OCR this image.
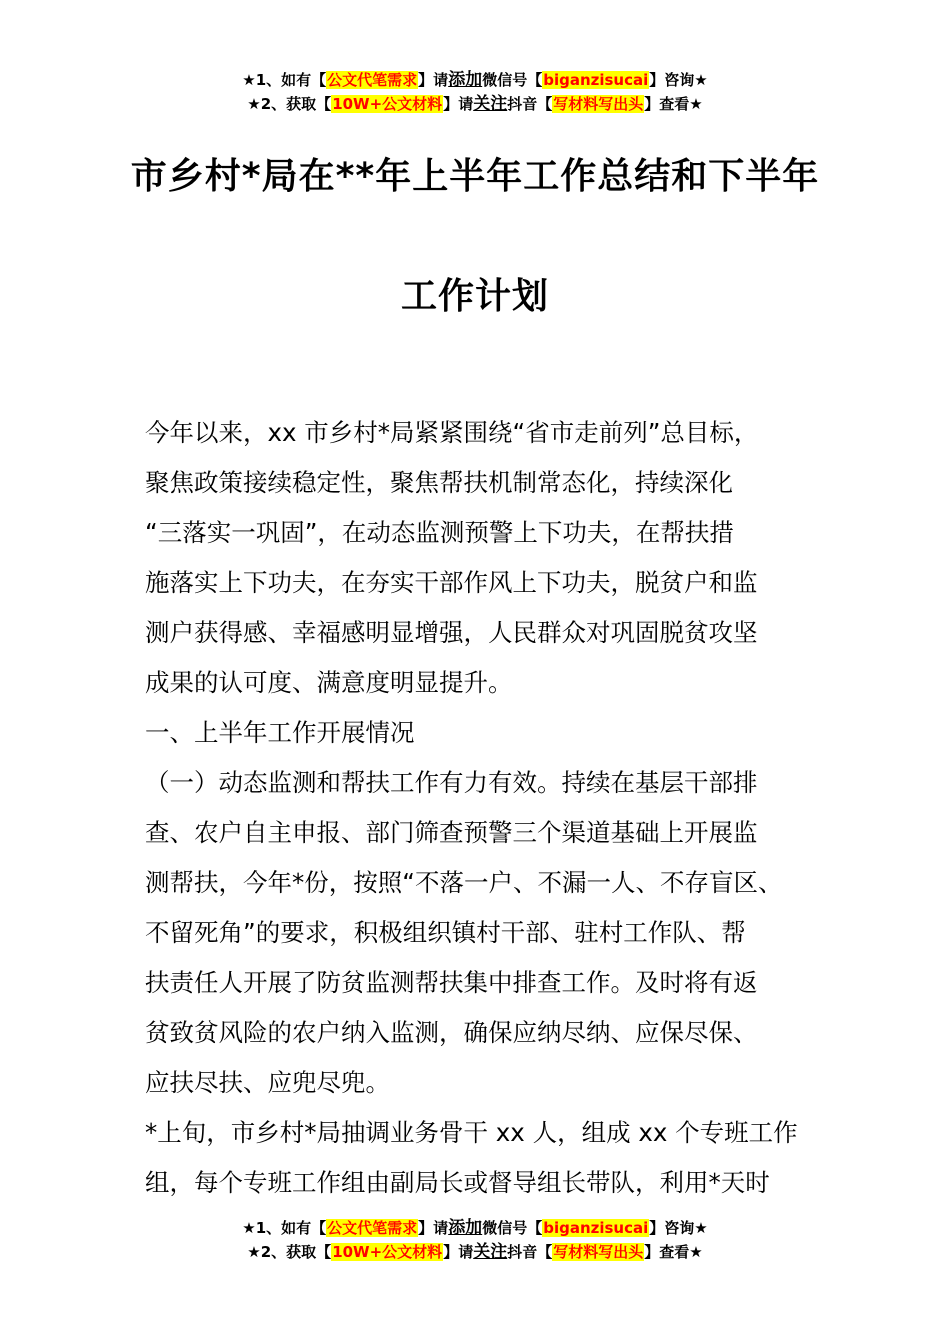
★1、如有【公文代笔需求】请添加微信号【biganzisucai】咨询★
★2、获取【10W+公文材料】请关注抖音【写材料写出头】查看★
市乡村*局在**年上半年工作总结和下半年
工作计划

今年以来，xx 市乡村*局紧紧围绕“省市走前列”总目标，

聚焦政策接续稳定性，聚焦帮扶机制常态化，持续深化

“三落实一巩固”，在动态监测预警上下功夫，在帮扶措

施落实上下功夫，在夯实干部作风上下功夫，脱贫户和监

测户获得感、幸福感明显增强，人民群众对巩固脱贫攻坚

成果的认可度、满意度明显提升。

一、上半年工作开展情况

（一）动态监测和帮扶工作有力有效。持续在基层干部排

查、农户自主申报、部门筛查预警三个渠道基础上开展监

测帮扶，今年*份，按照“不落一户、不漏一人、不存盲区、

不留死角”的要求，积极组织镇村干部、驻村工作队、帮

扶责任人开展了防贫监测帮扶集中排查工作。及时将有返

贫致贫风险的农户纳入监测，确保应纳尽纳、应保尽保、

应扶尽扶、应兜尽兜。

*上旬，市乡村*局抽调业务骨干 xx 人，组成 xx 个专班工作

组，每个专班工作组由副局长或督导组长带队，利用*天时

★1、如有【公文代笔需求】请添加微信号【biganzisucai】咨询★
★2、获取【10W+公文材料】请关注抖音【写材料写出头】查看★
